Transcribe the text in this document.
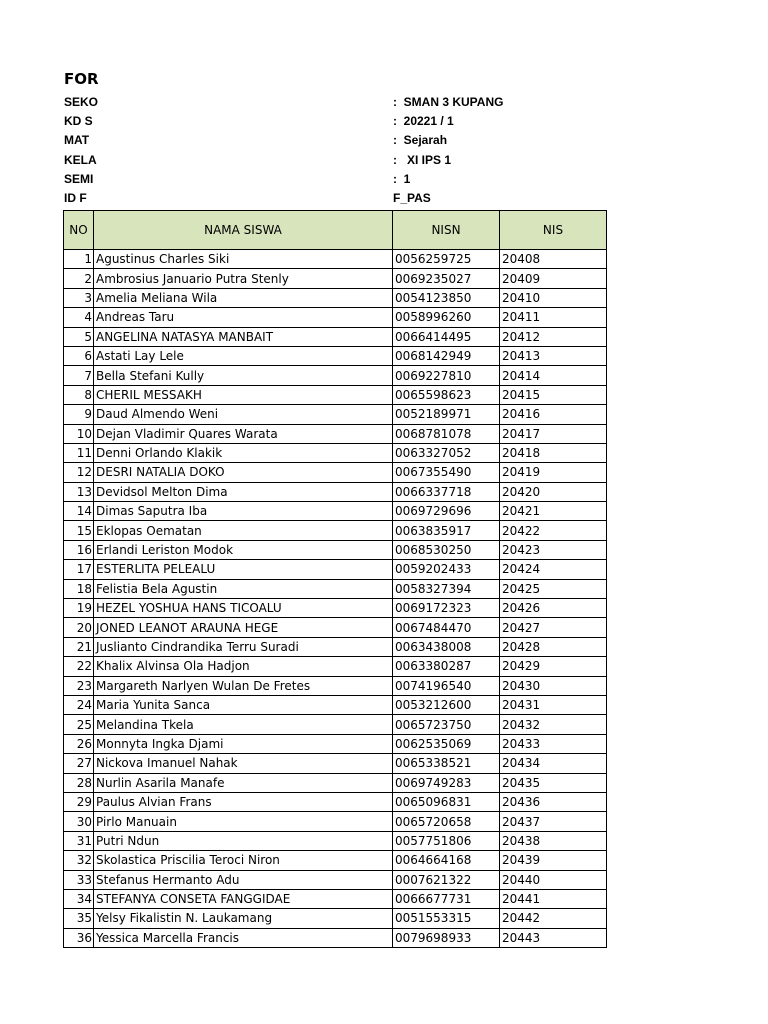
FOR
SEKO	:  SMAN 3 KUPANG
KD S	:  20221 / 1
MAT	:  Sejarah
KELA	:   XI IPS 1
SEMI	:  1
ID F	F_PAS
NO	NAMA SISWA	NISN	NIS
1	Agustinus Charles Siki	0056259725	20408
2	Ambrosius Januario Putra Stenly	0069235027	20409
3	Amelia Meliana Wila	0054123850	20410
4	Andreas Taru	0058996260	20411
5	ANGELINA NATASYA MANBAIT	0066414495	20412
6	Astati Lay Lele	0068142949	20413
7	Bella Stefani Kully	0069227810	20414
8	CHERIL MESSAKH	0065598623	20415
9	Daud Almendo Weni	0052189971	20416
10	Dejan Vladimir Quares Warata	0068781078	20417
11	Denni Orlando Klakik	0063327052	20418
12	DESRI NATALIA DOKO	0067355490	20419
13	Devidsol Melton Dima	0066337718	20420
14	Dimas Saputra Iba	0069729696	20421
15	Eklopas Oematan	0063835917	20422
16	Erlandi Leriston Modok	0068530250	20423
17	ESTERLITA PELEALU	0059202433	20424
18	Felistia Bela Agustin	0058327394	20425
19	HEZEL YOSHUA HANS TICOALU	0069172323	20426
20	JONED LEANOT ARAUNA HEGE	0067484470	20427
21	Juslianto Cindrandika Terru Suradi	0063438008	20428
22	Khalix Alvinsa Ola Hadjon	0063380287	20429
23	Margareth Narlyen Wulan De Fretes	0074196540	20430
24	Maria Yunita Sanca	0053212600	20431
25	Melandina Tkela	0065723750	20432
26	Monnyta Ingka Djami	0062535069	20433
27	Nickova Imanuel Nahak	0065338521	20434
28	Nurlin Asarila Manafe	0069749283	20435
29	Paulus Alvian Frans	0065096831	20436
30	Pirlo Manuain	0065720658	20437
31	Putri Ndun	0057751806	20438
32	Skolastica Priscilia Teroci Niron	0064664168	20439
33	Stefanus Hermanto Adu	0007621322	20440
34	STEFANYA CONSETA FANGGIDAE	0066677731	20441
35	Yelsy Fikalistin N. Laukamang	0051553315	20442
36	Yessica Marcella Francis	0079698933	20443
